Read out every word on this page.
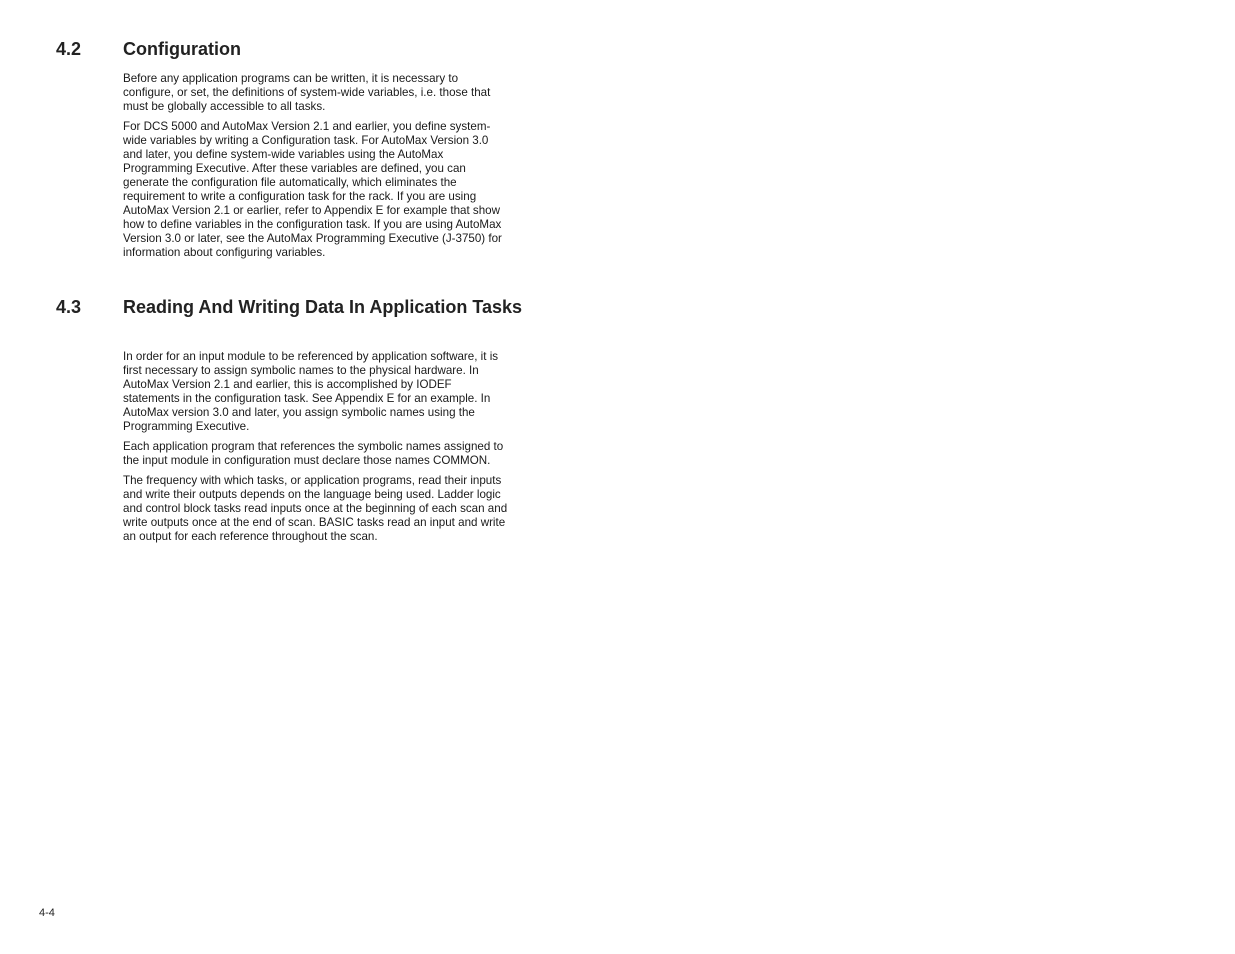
4.2 Configuration

Before any application programs can be written, it is necessary to configure, or set, the definitions of system-wide variables, i.e. those that must be globally accessible to all tasks.

For DCS 5000 and AutoMax Version 2.1 and earlier, you define system-wide variables by writing a Configuration task. For AutoMax Version 3.0 and later, you define system-wide variables using the AutoMax Programming Executive. After these variables are defined, you can generate the configuration file automatically, which eliminates the requirement to write a configuration task for the rack. If you are using AutoMax Version 2.1 or earlier, refer to Appendix E for example that show how to define variables in the configuration task. If you are using AutoMax Version 3.0 or later, see the AutoMax Programming Executive (J-3750) for information about configuring variables.

4.3 Reading And Writing Data In Application Tasks

In order for an input module to be referenced by application software, it is first necessary to assign symbolic names to the physical hardware. In AutoMax Version 2.1 and earlier, this is accomplished by IODEF statements in the configuration task. See Appendix E for an example. In AutoMax version 3.0 and later, you assign symbolic names using the Programming Executive.

Each application program that references the symbolic names assigned to the input module in configuration must declare those names COMMON.

The frequency with which tasks, or application programs, read their inputs and write their outputs depends on the language being used. Ladder logic and control block tasks read inputs once at the beginning of each scan and write outputs once at the end of scan. BASIC tasks read an input and write an output for each reference throughout the scan.

4-4
